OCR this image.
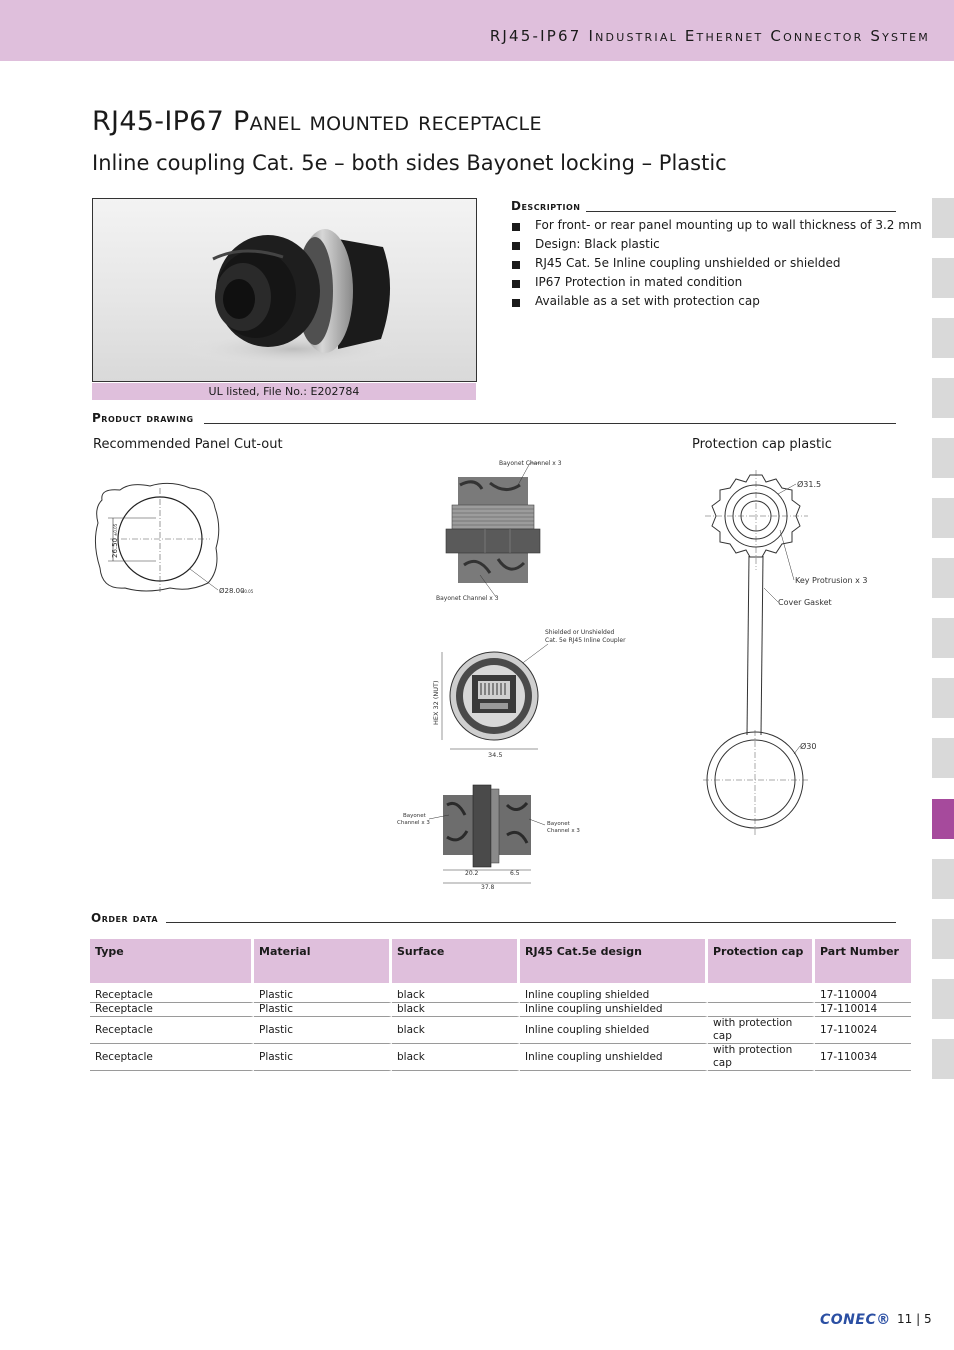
RJ45-IP67 Industrial Ethernet Connector System
RJ45-IP67 Panel mounted receptacle
Inline coupling Cat. 5e – both sides Bayonet locking – Plastic
UL listed, File No.: E202784
Description
For front- or rear panel mounting up to wall thickness of 3.2 mm
Design: Black plastic
RJ45 Cat. 5e Inline coupling unshielded or shielded
IP67 Protection in mated condition
Available as a set with protection cap
Product drawing
Recommended Panel Cut-out	Protection cap plastic
26.50
±0.05
Ø28.00
±0.05
Bayonet Channel x 3
Bayonet Channel x 3
Shielded or Unshielded
Cat. 5e RJ45 Inline Coupler
HEX 32 (NUT)
34.5
Bayonet
Channel x 3	Bayonet
Channel x 3
20.2	6.5
37.8
Ø31.5
Key Protrusion x 3
Cover Gasket
Ø30
Order data
Type	Material	Surface	RJ45 Cat.5e design	Protection cap	Part Number

Receptacle	Plastic	black	Inline coupling shielded		17-110004
Receptacle	Plastic	black	Inline coupling unshielded		17-110014
Receptacle	Plastic	black	Inline coupling shielded	with protection cap	17-110024
Receptacle	Plastic	black	Inline coupling unshielded	with protection cap	17-110034
CONEC® 11 | 5
